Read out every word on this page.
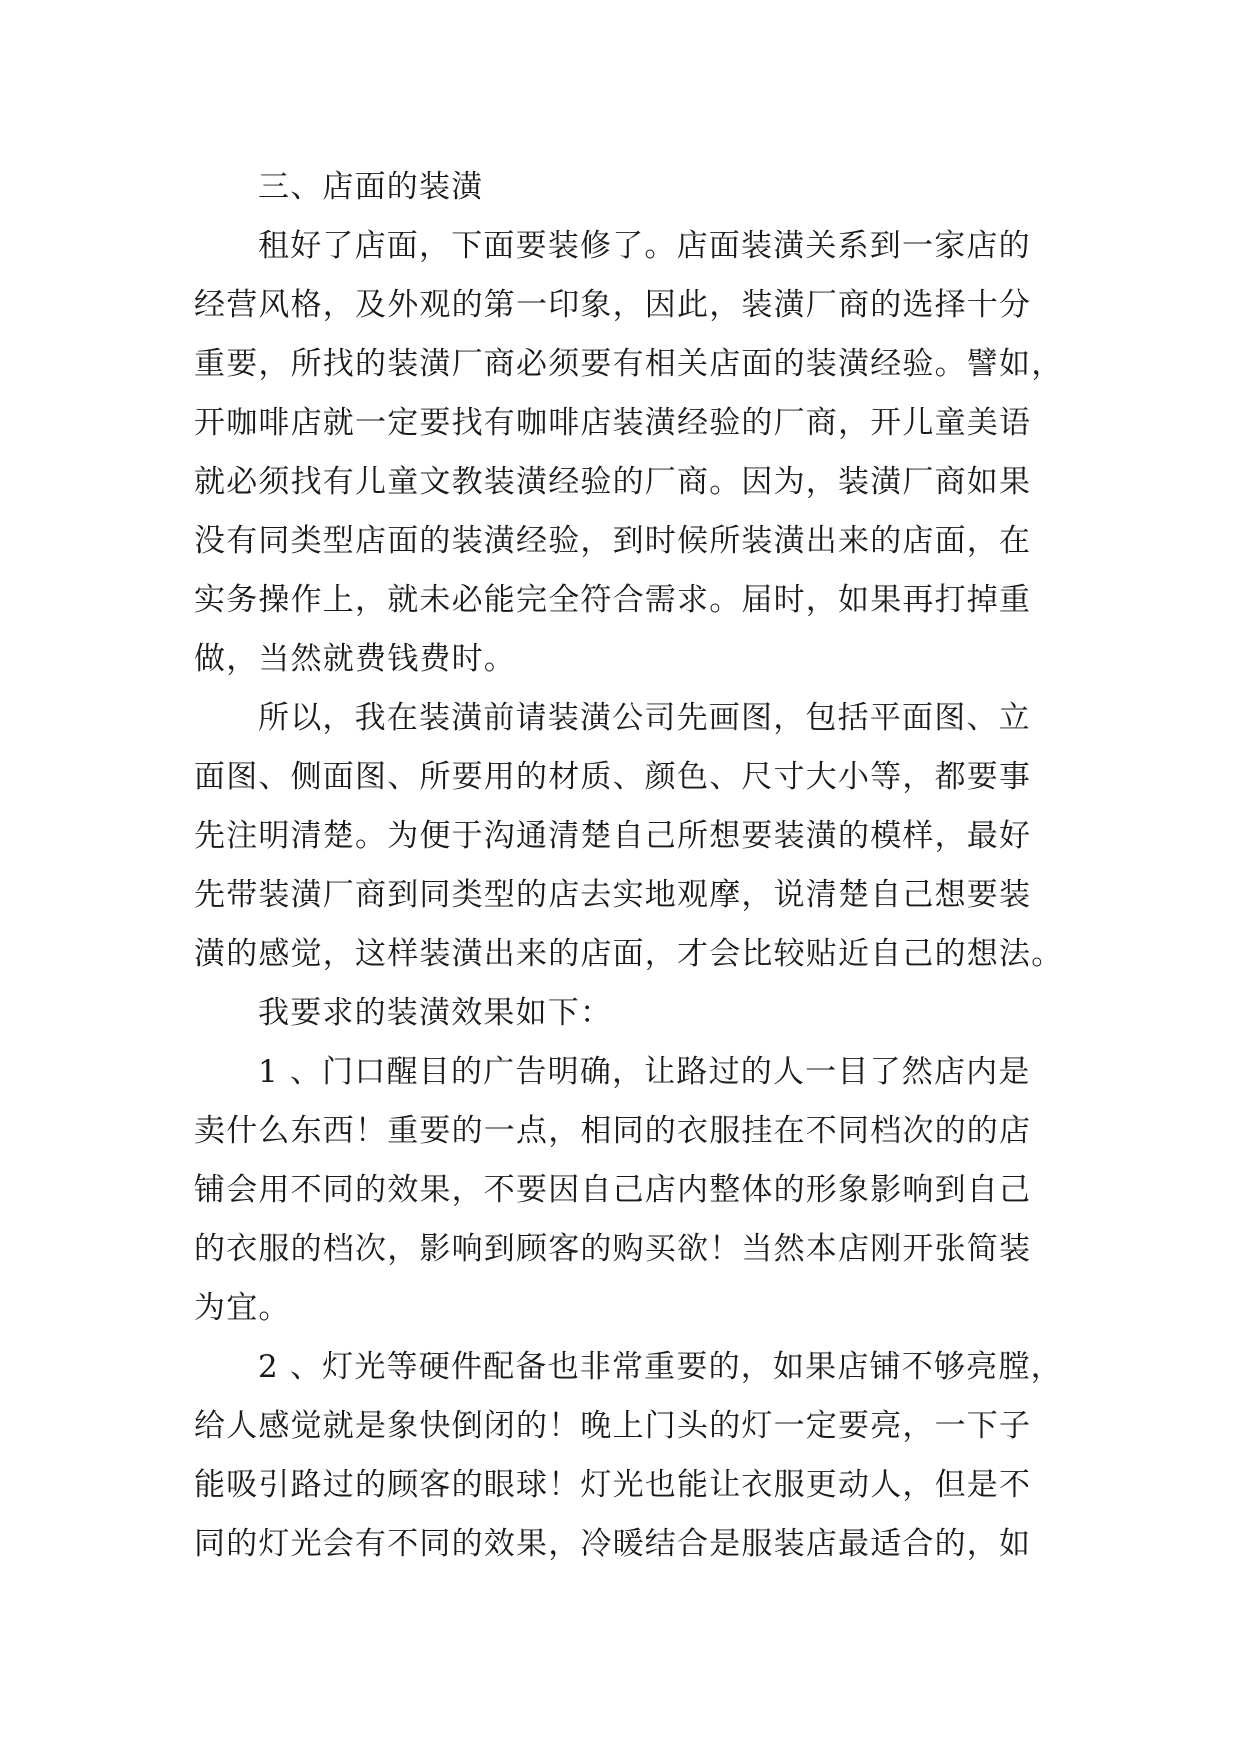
三、店面的装潢
租好了店面，下面要装修了。店面装潢关系到一家店的
经营风格，及外观的第一印象，因此，装潢厂商的选择十分
重要，所找的装潢厂商必须要有相关店面的装潢经验。譬如，
开咖啡店就一定要找有咖啡店装潢经验的厂商，开儿童美语
就必须找有儿童文教装潢经验的厂商。因为，装潢厂商如果
没有同类型店面的装潢经验，到时候所装潢出来的店面，在
实务操作上，就未必能完全符合需求。届时，如果再打掉重
做，当然就费钱费时。
所以，我在装潢前请装潢公司先画图，包括平面图、立
面图、侧面图、所要用的材质、颜色、尺寸大小等，都要事
先注明清楚。为便于沟通清楚自己所想要装潢的模样，最好
先带装潢厂商到同类型的店去实地观摩，说清楚自己想要装
潢的感觉，这样装潢出来的店面，才会比较贴近自己的想法。
我要求的装潢效果如下：
1 、门口醒目的广告明确，让路过的人一目了然店内是
卖什么东西！重要的一点，相同的衣服挂在不同档次的的店
铺会用不同的效果，不要因自己店内整体的形象影响到自己
的衣服的档次，影响到顾客的购买欲！当然本店刚开张简装
为宜。
2 、灯光等硬件配备也非常重要的，如果店铺不够亮膛，
给人感觉就是象快倒闭的！晚上门头的灯一定要亮，一下子
能吸引路过的顾客的眼球！灯光也能让衣服更动人，但是不
同的灯光会有不同的效果，冷暖结合是服装店最适合的，如
